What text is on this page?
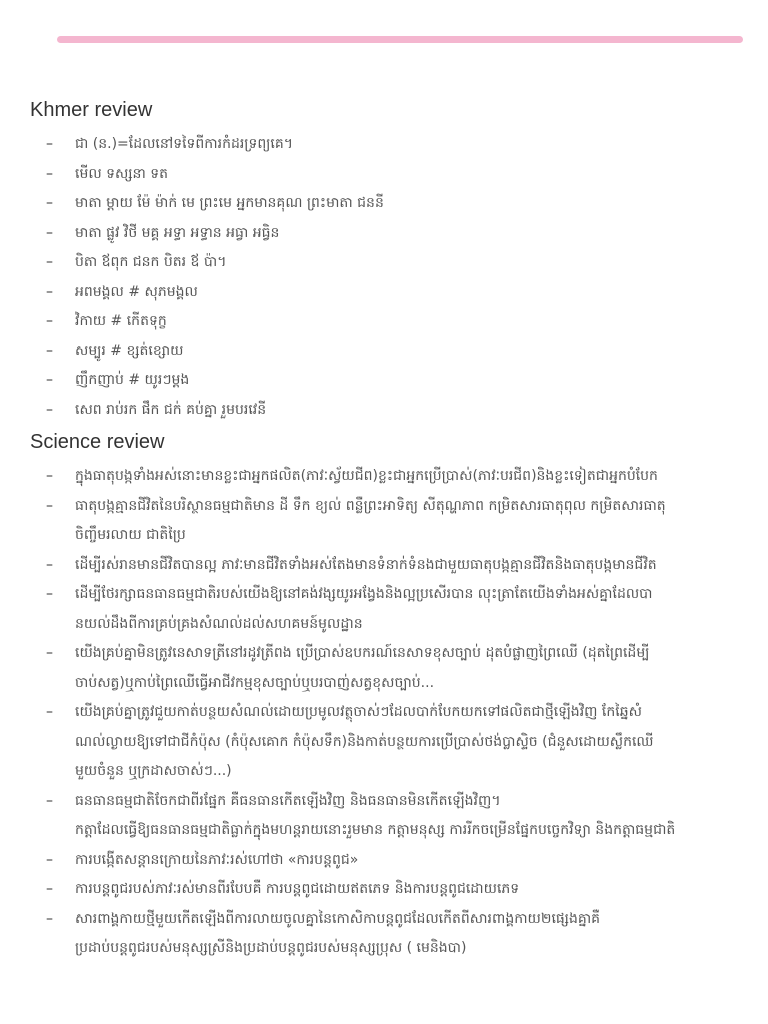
Khmer review
– ជា (ន.)=ដែលនៅទទៃពីការកំដរទ្រព្យគេ។
– មើល ទស្សនា ទត
– មាតា ម្ដាយ ម៉ែ ម៉ាក់ មេ ព្រះមេ អ្នកមានគុណ ព្រះមាតា ជននី
– មាតា ផ្លូវ វិថី មគ្គ អទ្ធា អទ្ធាន អធ្វា អធ្វិន
– បិតា ឪពុក ជនក បិតរ ឪ ប៉ា។
– អពមង្គល # សុភមង្គល
– វិកាយ # កើតទុក្ខ
– សម្បូរ # ខ្សត់ខ្សោយ
– ញឹកញាប់ # យូរៗម្ដង
– សេព រាប់រក ផឹក ជក់ គប់គ្នា រួមបរវេនី
Science review
– ក្នុងធាតុបង្កទាំងអស់នោះមានខ្លះជាអ្នកផលិត(ភាវៈស្វ័យជីព)ខ្លះជាអ្នកប្រើប្រាស់(ភាវៈបរជីព)និងខ្លះទៀតជាអ្នកបំបែក
– ធាតុបង្កគ្មានជីវិតនៃបរិស្ថានធម្មជាតិមាន ដី ទឹក ខ្យល់ ពន្លឺព្រះអាទិត្យ សីតុណ្ហភាព កម្រិតសារធាតុពុល កម្រិតសារធាតុ
ចិញ្ចឹមរលាយ ជាតិប្រៃ
– ដើម្បីរស់រានមានជីវិតបានល្អ ភាវៈមានជីវិតទាំងអស់តែងមានទំនាក់ទំនងជាមួយធាតុបង្កគ្មានជីវិតនិងធាតុបង្កមានជីវិត
– ដើម្បីថែរក្សាធនធានធម្មជាតិរបស់យើងឱ្យនៅគង់វង្សយូរអង្វែងនិងល្អប្រសើរបាន លុះត្រាតែយើងទាំងអស់គ្នាដែលបា
នយល់ដឹងពីការគ្រប់គ្រងសំណល់ដល់សហគមន៍មូលដ្ឋាន
– យើងគ្រប់គ្នាមិនត្រូវនេសាទត្រីនៅរដូវត្រីពង ប្រើប្រាស់ឧបករណ៍នេសាទខុសច្បាប់ ដុតបំផ្លាញព្រៃឈើ (ដុតព្រៃដើម្បី
ចាប់សត្វ)ឬកាប់ព្រៃឈើធ្វើអាជីវកម្មខុសច្បាប់ឬបរបាញ់សត្វខុសច្បាប់...
– យើងគ្រប់គ្នាត្រូវជួយកាត់បន្ថយសំណល់ដោយប្រមូលវត្ថុចាស់ៗដែលបាក់បែកយកទៅផលិតជាថ្មីឡើងវិញ កែឆ្នៃសំ
ណល់ល្ងាយឱ្យទៅជាជីកំប៉ុស (កំប៉ុសគោក កំប៉ុសទឹក)និងកាត់បន្ថយការប្រើប្រាស់ថង់ប្លាស្ទិច (ជំនួសដោយស្លឹកឈើ
មួយចំនួន ឬក្រដាសចាស់ៗ...)
– ធនធានធម្មជាតិចែកជាពីរផ្នែក គឺធនធានកើតឡើងវិញ និងធនធានមិនកើតឡើងវិញ។
កត្តាដែលធ្វើឱ្យធនធានធម្មជាតិធ្លាក់ក្នុងមហន្តរាយនោះរួមមាន កត្តាមនុស្ស ការរីកចម្រើនផ្នែកបច្ចេកវិទ្យា និងកត្តាធម្មជាតិ
– ការបង្កើតសន្តានក្រោយនៃភាវៈរស់ហៅថា «ការបន្តពូជ»
– ការបន្តពូជរបស់ភាវៈរស់មានពីរបែបគឺ ការបន្តពូជដោយឥតភេទ និងការបន្តពូជដោយភេទ
– សារពាង្គកាយថ្មីមួយកើតឡើងពីការលាយចូលគ្នានៃកោសិកាបន្តពូជដែលកើតពីសារពាង្គកាយ២ផ្សេងគ្នាគឺ
ប្រដាប់បន្តពូជរបស់មនុស្សស្រីនិងប្រដាប់បន្តពូជរបស់មនុស្សប្រុស ( មេនិងបា)
